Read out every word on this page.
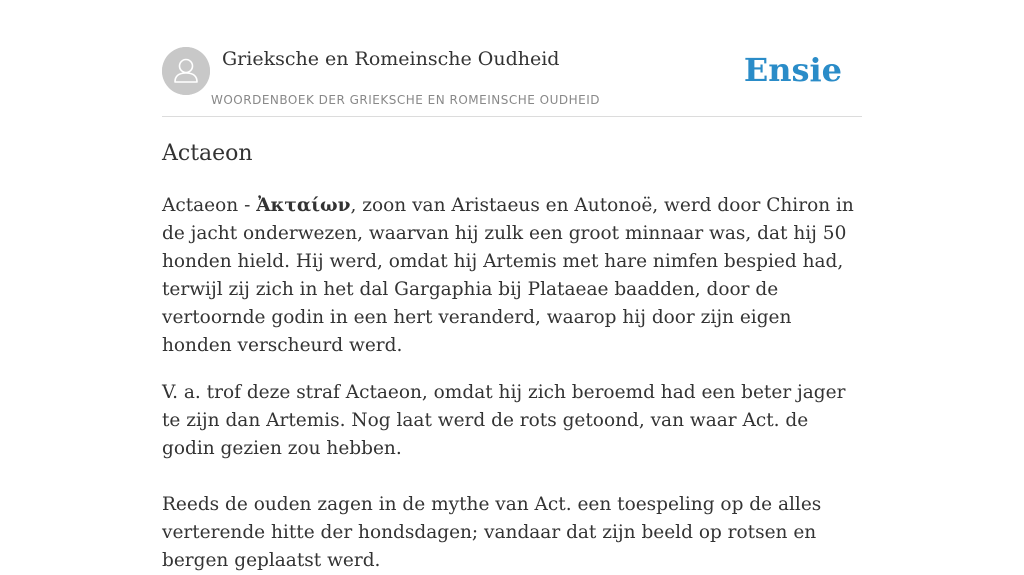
Grieksche en Romeinsche Oudheid
WOORDENBOEK DER GRIEKSCHE EN ROMEINSCHE OUDHEID
Ensie
Actaeon

Actaeon - Ἀκταίων, zoon van Aristaeus en Autonoë, werd door Chiron in de jacht onderwezen, waarvan hij zulk een groot minnaar was, dat hij 50 honden hield. Hij werd, omdat hij Artemis met hare nimfen bespied had, terwijl zij zich in het dal Gargaphia bij Plataeae baadden, door de vertoornde godin in een hert veranderd, waarop hij door zijn eigen honden verscheurd werd.

V. a. trof deze straf Actaeon, omdat hij zich beroemd had een beter jager te zijn dan Artemis. Nog laat werd de rots getoond, van waar Act. de godin gezien zou hebben.

Reeds de ouden zagen in de mythe van Act. een toespeling op de alles verterende hitte der hondsdagen; vandaar dat zijn beeld op rotsen en bergen geplaatst werd.
